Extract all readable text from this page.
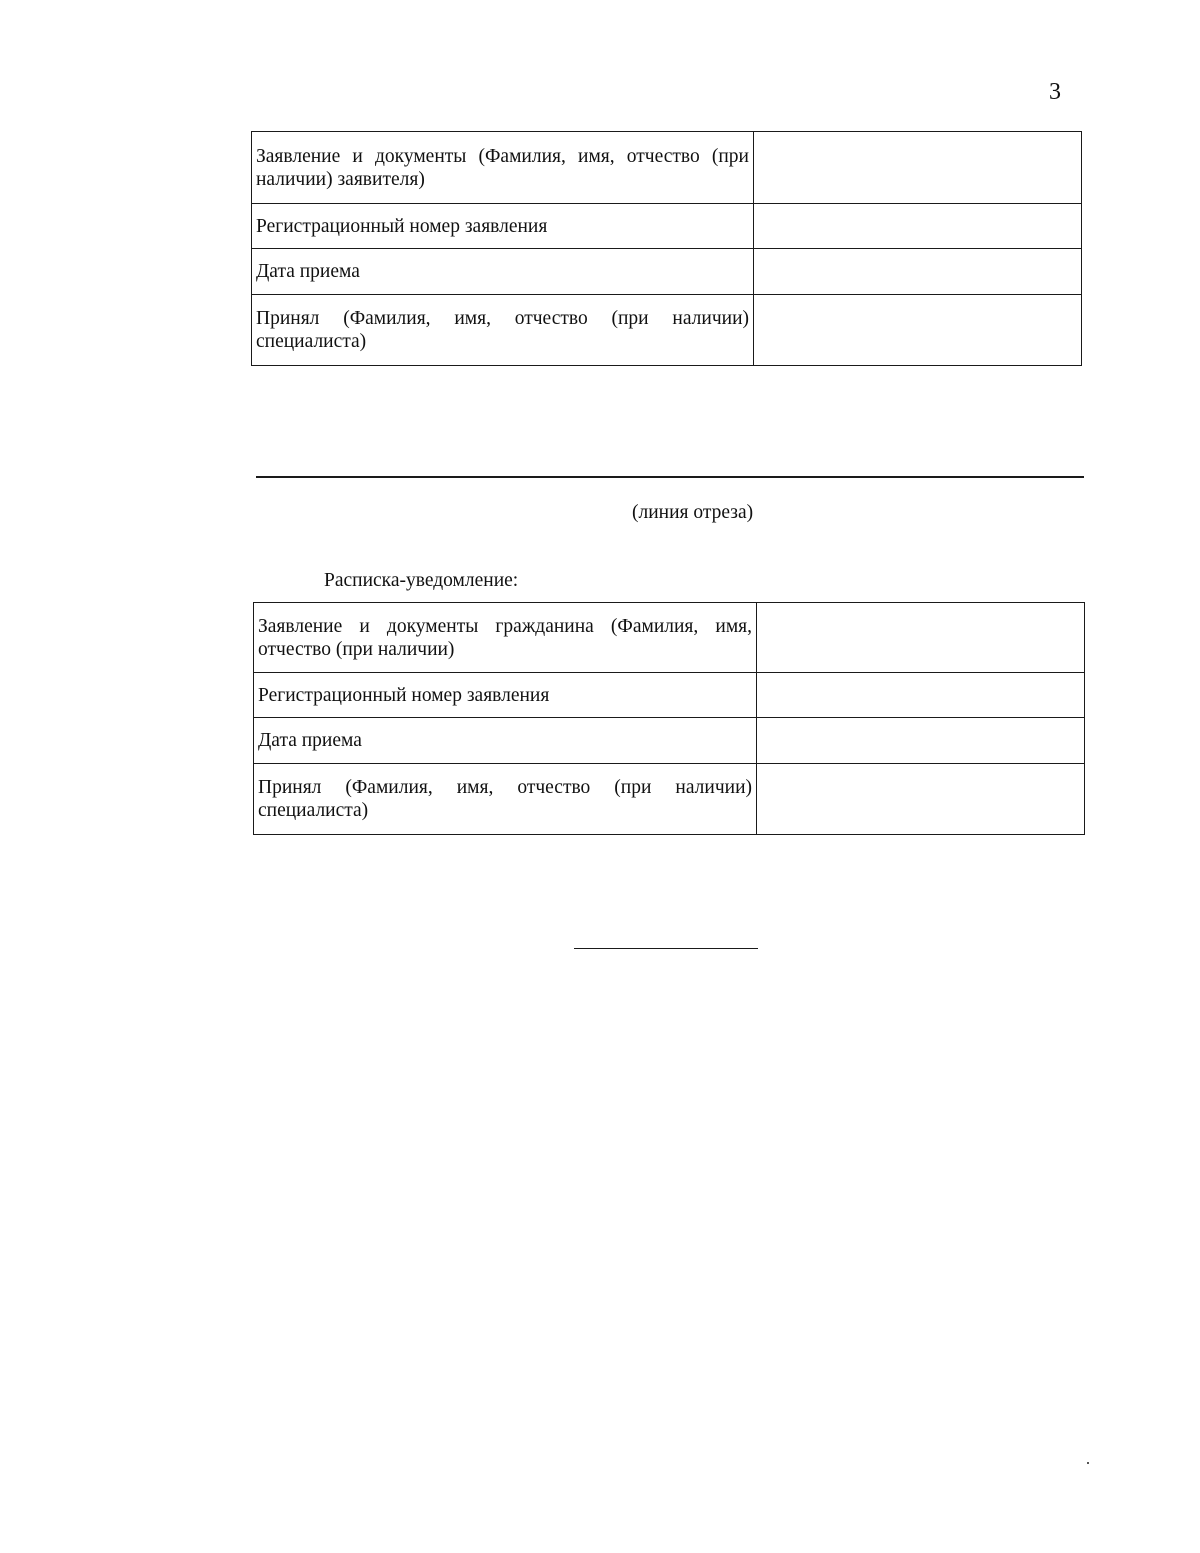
3
Заявление и документы (Фамилия, имя, отчество (при наличии) заявителя)	
Регистрационный номер заявления	
Дата приема	
Принял (Фамилия, имя, отчество (при наличии) специалиста)	
(линия отреза)
Расписка-уведомление:
Заявление и документы гражданина (Фамилия, имя, отчество (при наличии)	
Регистрационный номер заявления	
Дата приема	
Принял (Фамилия, имя, отчество (при наличии) специалиста)	
